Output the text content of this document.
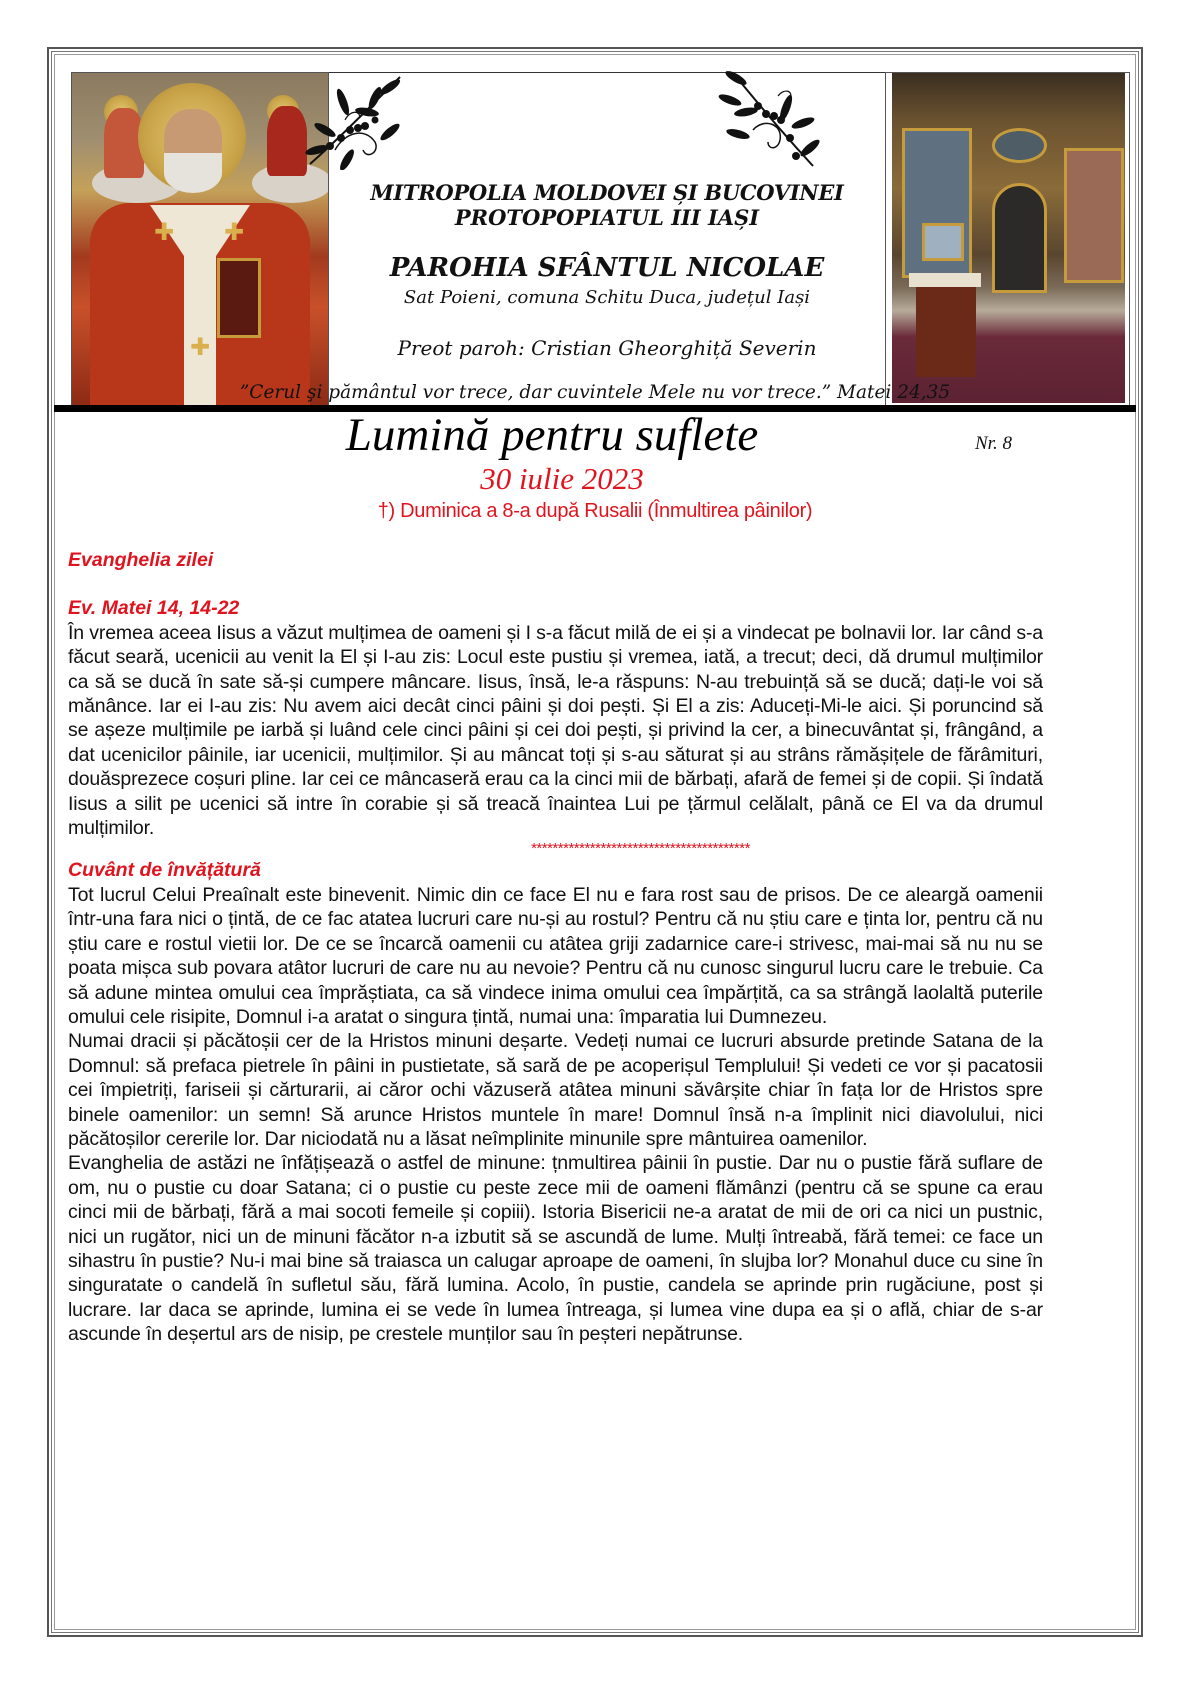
✚ ✚
✚
MITROPOLIA MOLDOVEI ȘI BUCOVINEI
PROTOPOPIATUL III IAȘI
PAROHIA SFÂNTUL NICOLAE
Sat Poieni, comuna Schitu Duca, județul Iași
Preot paroh: Cristian Gheorghiță Severin
”Cerul şi pământul vor trece, dar cuvintele Mele nu vor trece.” Matei 24,35
Lumină pentru suflete	Nr. 8
30 iulie 2023
†) Duminica a 8-a după Rusalii (Înmultirea pâinilor)
Evanghelia zilei
Ev. Matei 14, 14-22
În vremea aceea Iisus a văzut mulțimea de oameni și I s-a făcut milă de ei și a vindecat pe bolnavii lor. Iar când s-a făcut seară, ucenicii au venit la El și I-au zis: Locul este pustiu și vremea, iată, a trecut; deci, dă drumul mulțimilor ca să se ducă în sate să-și cumpere mâncare. Iisus, însă, le-a răspuns: N-au trebuință să se ducă; dați-le voi să mănânce. Iar ei I-au zis: Nu avem aici decât cinci pâini și doi pești. Și El a zis: Aduceți-Mi-le aici. Și poruncind să se așeze mulțimile pe iarbă și luând cele cinci pâini și cei doi pești, și privind la cer, a binecuvântat și, frângând, a dat ucenicilor pâinile, iar ucenicii, mulțimilor. Și au mâncat toți și s-au săturat și au strâns rămășițele de fărâmituri, douăsprezece coșuri pline. Iar cei ce mâncaseră erau ca la cinci mii de bărbați, afară de femei și de copii. Și îndată Iisus a silit pe ucenici să intre în corabie și să treacă înaintea Lui pe țărmul celălalt, până ce El va da drumul mulțimilor.
*****************************************
Cuvânt de învățătură
Tot lucrul Celui Preaînalt este binevenit. Nimic din ce face El nu e fara rost sau de prisos. De ce aleargă oamenii într-una fara nici o țintă, de ce fac atatea lucruri care nu-și au rostul? Pentru că nu știu care e ținta lor, pentru că nu știu care e rostul vietii lor. De ce se încarcă oamenii cu atâtea griji zadarnice care-i strivesc, mai-mai să nu nu se poata mișca sub povara atâtor lucruri de care nu au nevoie? Pentru că nu cunosc singurul lucru care le trebuie. Ca să adune mintea omului cea împrăștiata, ca să vindece inima omului cea împărțită, ca sa strângă laolaltă puterile omului cele risipite, Domnul i-a aratat o singura țintă, numai una: împaratia lui Dumnezeu.
Numai dracii și păcătoșii cer de la Hristos minuni deșarte. Vedeți numai ce lucruri absurde pretinde Satana de la Domnul: să prefaca pietrele în pâini in pustietate, să sară de pe acoperișul Templului! Și vedeti ce vor și pacatosii cei împietriți, fariseii și cărturarii, ai căror ochi văzuseră atâtea minuni săvârșite chiar în fața lor de Hristos spre binele oamenilor: un semn! Să arunce Hristos muntele în mare! Domnul însă n-a împlinit nici diavolului, nici păcătoșilor cererile lor. Dar niciodată nu a lăsat neîmplinite minunile spre mântuirea oamenilor.
Evanghelia de astăzi ne înfățișează o astfel de minune: țnmultirea pâinii în pustie. Dar nu o pustie fără suflare de om, nu o pustie cu doar Satana; ci o pustie cu peste zece mii de oameni flămânzi (pentru că se spune ca erau cinci mii de bărbați, fără a mai socoti femeile și copiii). Istoria Bisericii ne-a aratat de mii de ori ca nici un pustnic, nici un rugător, nici un de minuni făcător n-a izbutit să se ascundă de lume. Mulți întreabă, fără temei: ce face un sihastru în pustie? Nu-i mai bine să traiasca un calugar aproape de oameni, în slujba lor? Monahul duce cu sine în singuratate o candelă în sufletul său, fără lumina. Acolo, în pustie, candela se aprinde prin rugăciune, post și lucrare. Iar daca se aprinde, lumina ei se vede în lumea întreaga, și lumea vine dupa ea și o află, chiar de s-ar ascunde în deșertul ars de nisip, pe crestele munților sau în peșteri nepătrunse.
